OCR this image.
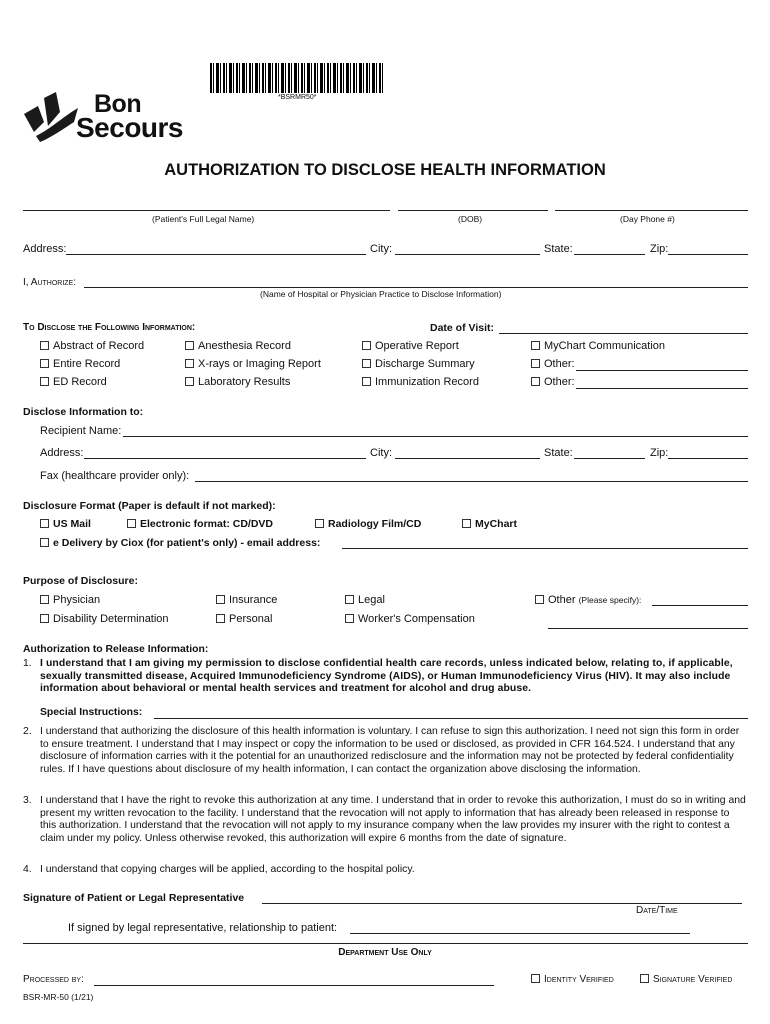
*BSRMR50*
Bon
Secours
AUTHORIZATION TO DISCLOSE HEALTH INFORMATION
(Patient's Full Legal Name)	(DOB)	(Day Phone #)
Address:	City:	State:	Zip:
I, Authorize:
(Name of Hospital or Physician Practice to Disclose Information)
To Disclose the Following Information:	Date of Visit:
Abstract of Record	Anesthesia Record	Operative Report	MyChart Communication
Entire Record	X-rays or Imaging Report	Discharge Summary	Other:
ED Record	Laboratory Results	Immunization Record	Other:
Disclose Information to:
Recipient Name:
Address:	City:	State:	Zip:
Fax (healthcare provider only):
Disclosure Format (Paper is default if not marked):
US Mail	Electronic format: CD/DVD	Radiology Film/CD	MyChart
e Delivery by Ciox (for patient's only) - email address:
Purpose of Disclosure:
Physician	Insurance	Legal	Other (Please specify):
Disability Determination	Personal	Worker's Compensation
Authorization to Release Information:
1. I understand that I am giving my permission to disclose confidential health care records, unless indicated below, relating to, if applicable, sexually transmitted disease, Acquired Immunodeficiency Syndrome (AIDS), or Human Immunodeficiency Virus (HIV). It may also include information about behavioral or mental health services and treatment for alcohol and drug abuse.
Special Instructions:
2. I understand that authorizing the disclosure of this health information is voluntary. I can refuse to sign this authorization. I need not sign this form in order to ensure treatment. I understand that I may inspect or copy the information to be used or disclosed, as provided in CFR 164.524. I understand that any disclosure of information carries with it the potential for an unauthorized redisclosure and the information may not be protected by federal confidentiality rules. If I have questions about disclosure of my health information, I can contact the organization above disclosing the information.
3. I understand that I have the right to revoke this authorization at any time. I understand that in order to revoke this authorization, I must do so in writing and present my written revocation to the facility. I understand that the revocation will not apply to information that has already been released in response to this authorization. I understand that the revocation will not apply to my insurance company when the law provides my insurer with the right to contest a claim under my policy. Unless otherwise revoked, this authorization will expire 6 months from the date of signature.
4. I understand that copying charges will be applied, according to the hospital policy.
Signature of Patient or Legal Representative
Date/Time
If signed by legal representative, relationship to patient:
Department Use Only
Processed by:	Identity Verified	Signature Verified
BSR-MR-50 (1/21)
